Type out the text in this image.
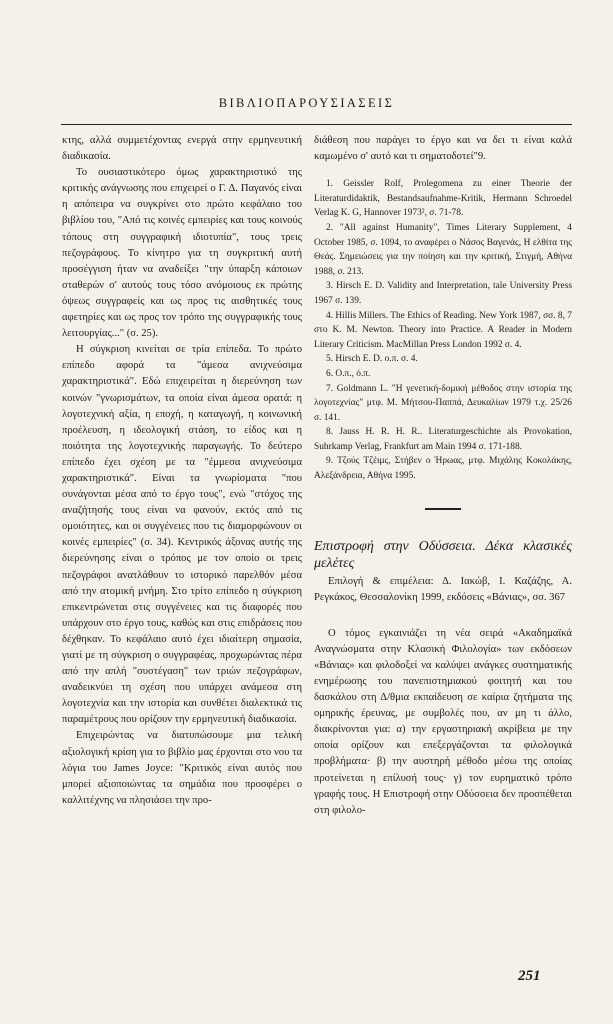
ΒΙΒΛΙΟΠΑΡΟΥΣΙΑΣΕΙΣ

κτης, αλλά συμμετέχοντας ενεργά στην ερμηνευτική διαδικασία.

Το ουσιαστικότερο όμως χαρακτηριστικό της κριτικής ανάγνωσης που επιχειρεί ο Γ. Δ. Παγανός είναι η απόπειρα να συγκρίνει στο πρώτο κεφάλαιο του βιβλίου του, "Από τις κοινές εμπειρίες και τους κοινούς τόπους στη συγγραφική ιδιοτυπία", τους τρεις πεζογράφους. Το κίνητρο για τη συγκριτική αυτή προσέγγιση ήταν να αναδείξει "την ύπαρξη κάποιων σταθερών σ' αυτούς τους τόσο ανόμοιους εκ πρώτης όψεως συγγραφείς και ως προς τις αισθητικές τους αφετηρίες και ως προς τον τρόπο της συγγραφικής τους λειτουργίας..." (σ. 25).

Η σύγκριση κινείται σε τρία επίπεδα. Το πρώτο επίπεδο αφορά τα "άμεσα ανιχνεύσιμα χαρακτηριστικά". Εδώ επιχειρείται η διερεύνηση των κοινών "γνωρισμάτων, τα οποία είναι άμεσα ορατά: η λογοτεχνική αξία, η εποχή, η καταγωγή, η κοινωνική προέλευση, η ιδεολογική στάση, το είδος και η ποιότητα της λογοτεχνικής παραγωγής. Το δεύτερο επίπεδο έχει σχέση με τα "έμμεσα ανιχνεύσιμα χαρακτηριστικά". Είναι τα γνωρίσματα "που συνάγονται μέσα από το έργο τους", ενώ "στόχος της αναζήτησής τους είναι να φανούν, εκτός από τις ομοιότητες, και οι συγγένειες που τις διαμορφώνουν οι κοινές εμπειρίες" (σ. 34). Κεντρικός άξονας αυτής της διερεύνησης είναι ο τρόπος με τον οποίο οι τρεις πεζογράφοι ανατλάθουν το ιστορικό παρελθόν μέσα από την ατομική μνήμη. Στο τρίτο επίπεδο η σύγκριση επικεντρώνεται στις συγγένειες και τις διαφορές που υπάρχουν στο έργο τους, καθώς και στις επιδράσεις που δέχθηκαν. Το κεφάλαιο αυτό έχει ιδιαίτερη σημασία, γιατί με τη σύγκριση ο συγγραφέας, προχωρώντας πέρα από την απλή "συστέγαση" των τριών πεζογράφων, αναδεικνύει τη σχέση που υπάρχει ανάμεσα στη λογοτεχνία και την ιστορία και συνθέτει διαλεκτικά τις παραμέτρους που ορίζουν την ερμηνευτική διαδικασία.

Επιχειρώντας να διατυπώσουμε μια τελική αξιολογική κρίση για το βιβλίο μας έρχονται στο νου τα λόγια του James Joyce: "Κριτικός είναι αυτός που μπορεί αξιοποιώντας τα σημάδια που προσφέρει ο καλλιτέχνης να πλησιάσει την προ-

διάθεση που παράγει το έργο και να δει τι είναι καλά καμωμένο σ' αυτό και τι σηματοδοτεί"9.

1. Geissler Rolf, Prolegomena zu einer Theorie der Literaturdidaktik, Bestandsaufnahme-Kritik, Hermann Schroedel Verlag K. G, Hannover 1973², σ. 71-78.
2. "All against Humanity", Times Literary Supplement, 4 October 1985, σ. 1094, το αναφέρει ο Νάσος Βαγενάς, Η ελθίτα της Θεάς. Σημειώσεις για την ποίηση και την κριτική, Στιγμή, Αθήνα 1988, σ. 213.
3. Hirsch E. D. Validity and Interpretation, tale University Press 1967 σ. 139.
4. Hillis Millers. The Ethics of Reading. New York 1987, σσ. 8, 7 στο K. M. Newton. Theory into Practice. A Reader in Modern Literary Criticism. MacMillan Press London 1992 σ. 4.
5. Hirsch E. D. ο.π. σ. 4.
6. Ο.π., ό.π.
7. Goldmann L. "Η γενετική-δομική μέθοδος στην ιστορία της λογοτεχνίας" μτφ. Μ. Μήτσου-Παππά, Δευκαλίων 1979 τ.χ. 25/26 σ. 141.
8. Jauss H. R. H. R.. Literaturgeschichte als Provokation, Suhrkamp Verlag, Frankfurt am Main 1994 σ. 171-188.
9. Τζούς Τζέιμς, Στήβεν ο Ήρωας, μτφ. Μιχάλης Κοκολάκης, Αλεξάνδρεια, Αθήνα 1995.
Επιστροφή στην Οδύσσεια. Δέκα κλασικές μελέτες
Επιλογή & επιμέλεια: Δ. Ιακώβ, Ι. Καζάζης, Α. Ρεγκάκος, Θεσσαλονίκη 1999, εκδόσεις «Βάνιας», σσ. 367

Ο τόμος εγκαινιάζει τη νέα σειρά «Ακαδημαϊκά Αναγνώσματα στην Κλασική Φιλολογία» των εκδόσεων «Βάνιας» και φιλοδοξεί να καλύψει ανάγκες συστηματικής ενημέρωσης του πανεπιστημιακού φοιτητή και του δασκάλου στη Δ/θμια εκπαίδευση σε καίρια ζητήματα της ομηρικής έρευνας, με συμβολές που, αν μη τι άλλο, διακρίνονται για: α) την εργαστηριακή ακρίβεια με την οποία ορίζουν και επεξεργάζονται τα φιλολογικά προβλήματα· β) την αυστηρή μέθοδο μέσω της οποίας προτείνεται η επίλυσή τους· γ) τον ευρηματικό τρόπο γραφής τους. Η Επιστροφή στην Οδύσσεια δεν προσπέθεται στη φιλολο-

251
